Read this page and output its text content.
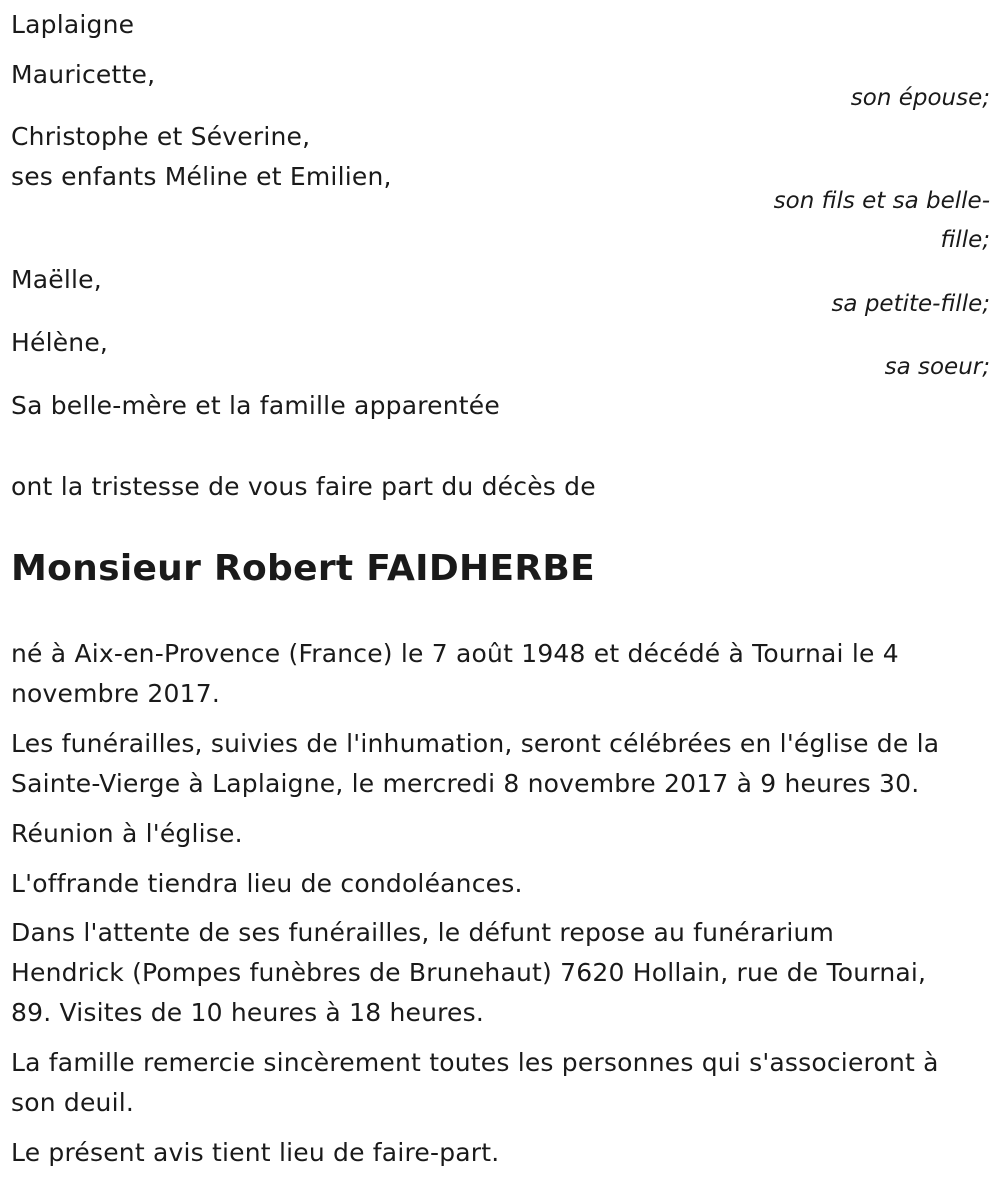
Laplaigne
Mauricette,
son épouse;
Christophe et Séverine,
ses enfants Méline et Emilien,
son fils et sa belle-
fille;
Maëlle,
sa petite-fille;
Hélène,
sa soeur;
Sa belle-mère et la famille apparentée
ont la tristesse de vous faire part du décès de
Monsieur Robert FAIDHERBE
né à Aix-en-Provence (France) le 7 août 1948 et décédé à Tournai le 4
novembre 2017.
Les funérailles, suivies de l'inhumation, seront célébrées en l'église de la
Sainte-Vierge à Laplaigne, le mercredi 8 novembre 2017 à 9 heures 30.
Réunion à l'église.
L'offrande tiendra lieu de condoléances.
Dans l'attente de ses funérailles, le défunt repose au funérarium
Hendrick (Pompes funèbres de Brunehaut) 7620 Hollain, rue de Tournai,
89. Visites de 10 heures à 18 heures.
La famille remercie sincèrement toutes les personnes qui s'associeront à
son deuil.
Le présent avis tient lieu de faire-part.
